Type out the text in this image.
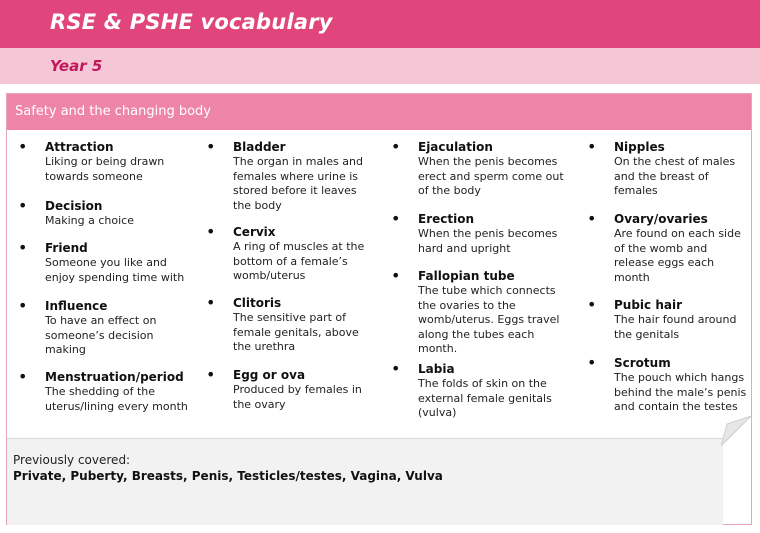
RSE & PSHE vocabulary
Year 5
Safety and the changing body
• Attraction
Liking or being drawn towards someone
• Decision
Making a choice
• Friend
Someone you like and enjoy spending time with
• Influence
To have an effect on someone’s decision making
• Menstruation/period
The shedding of the uterus/lining every month
• Bladder
The organ in males and females where urine is stored before it leaves the body
• Cervix
A ring of muscles at the bottom of a female’s womb/uterus
• Clitoris
The sensitive part of female genitals, above the urethra
• Egg or ova
Produced by females in the ovary
• Ejaculation
When the penis becomes erect and sperm come out of the body
• Erection
When the penis becomes hard and upright
• Fallopian tube
The tube which connects the ovaries to the womb/uterus. Eggs travel along the tubes each month.
• Labia
The folds of skin on the external female genitals (vulva)
• Nipples
On the chest of males and the breast of females
• Ovary/ovaries
Are found on each side of the womb and release eggs each month
• Pubic hair
The hair found around the genitals
• Scrotum
The pouch which hangs behind the male’s penis and contain the testes
Previously covered:
Private, Puberty, Breasts, Penis, Testicles/testes, Vagina, Vulva
